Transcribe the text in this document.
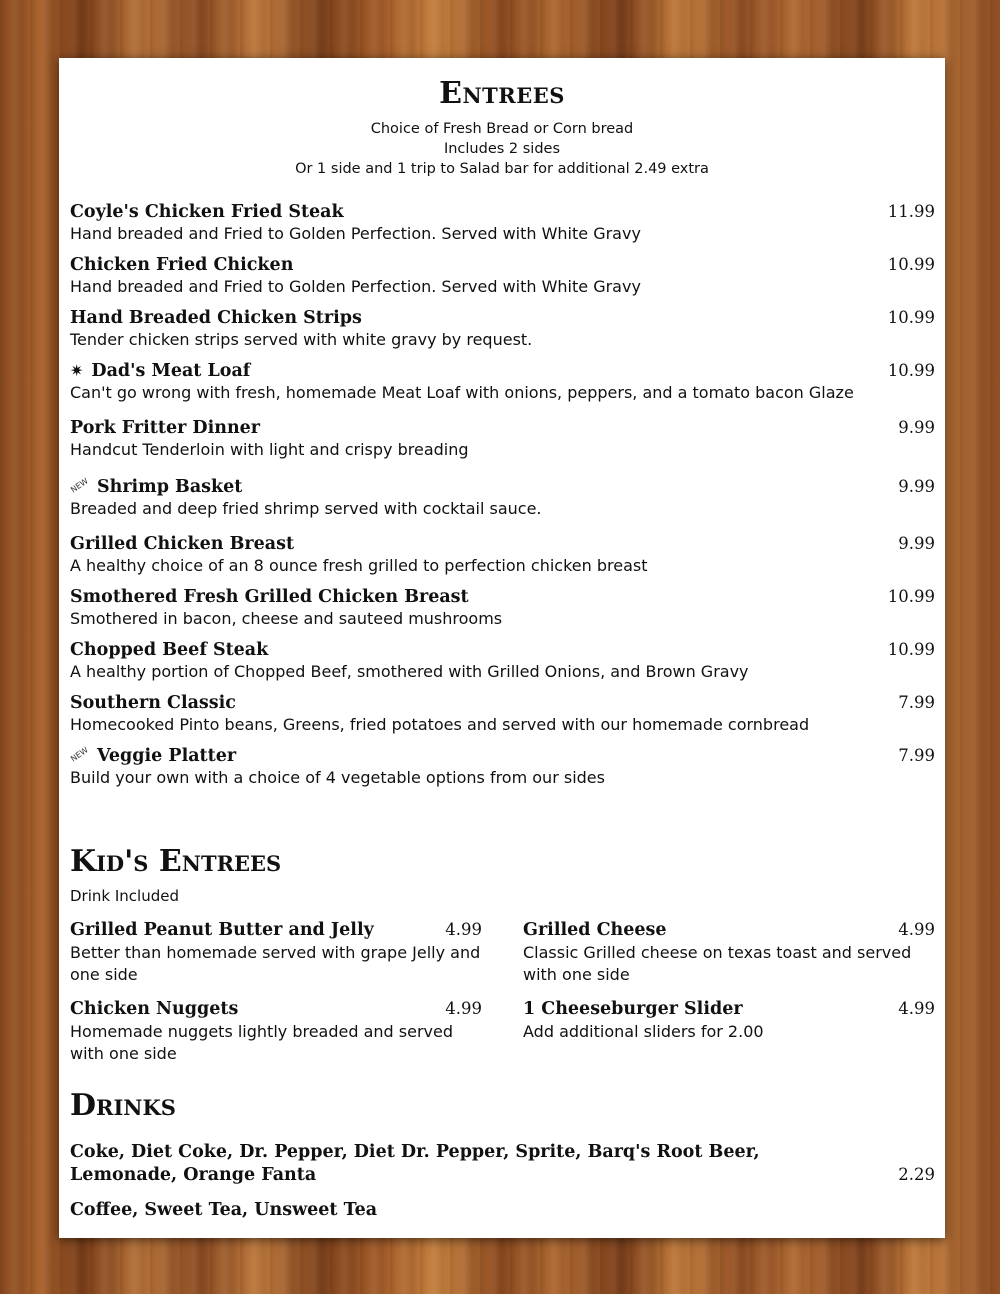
Entrees
Choice of Fresh Bread or Corn bread
Includes 2 sides
Or 1 side and 1 trip to Salad bar for additional 2.49 extra
Coyle's Chicken Fried Steak	11.99
Hand breaded and Fried to Golden Perfection. Served with White Gravy
Chicken Fried Chicken	10.99
Hand breaded and Fried to Golden Perfection. Served with White Gravy
Hand Breaded Chicken Strips	10.99
Tender chicken strips served with white gravy by request.
✷ Dad's Meat Loaf	10.99
Can't go wrong with fresh, homemade Meat Loaf with onions, peppers, and a tomato bacon Glaze
Pork Fritter Dinner	9.99
Handcut Tenderloin with light and crispy breading
NEW Shrimp Basket	9.99
Breaded and deep fried shrimp served with cocktail sauce.
Grilled Chicken Breast	9.99
A healthy choice of an 8 ounce fresh grilled to perfection chicken breast
Smothered Fresh Grilled Chicken Breast	10.99
Smothered in bacon, cheese and sauteed mushrooms
Chopped Beef Steak	10.99
A healthy portion of Chopped Beef, smothered with Grilled Onions, and Brown Gravy
Southern Classic	7.99
Homecooked Pinto beans, Greens, fried potatoes and served with our homemade cornbread
NEW Veggie Platter	7.99
Build your own with a choice of 4 vegetable options from our sides
Kid's Entrees
Drink Included
Grilled Peanut Butter and Jelly	4.99
Better than homemade served with grape Jelly and one side
Grilled Cheese	4.99
Classic Grilled cheese on texas toast and served with one side
Chicken Nuggets	4.99
Homemade nuggets lightly breaded and served with one side
1 Cheeseburger Slider	4.99
Add additional sliders for 2.00
Drinks
Coke, Diet Coke, Dr. Pepper, Diet Dr. Pepper, Sprite, Barq's Root Beer, Lemonade, Orange Fanta	2.29
Coffee, Sweet Tea, Unsweet Tea
